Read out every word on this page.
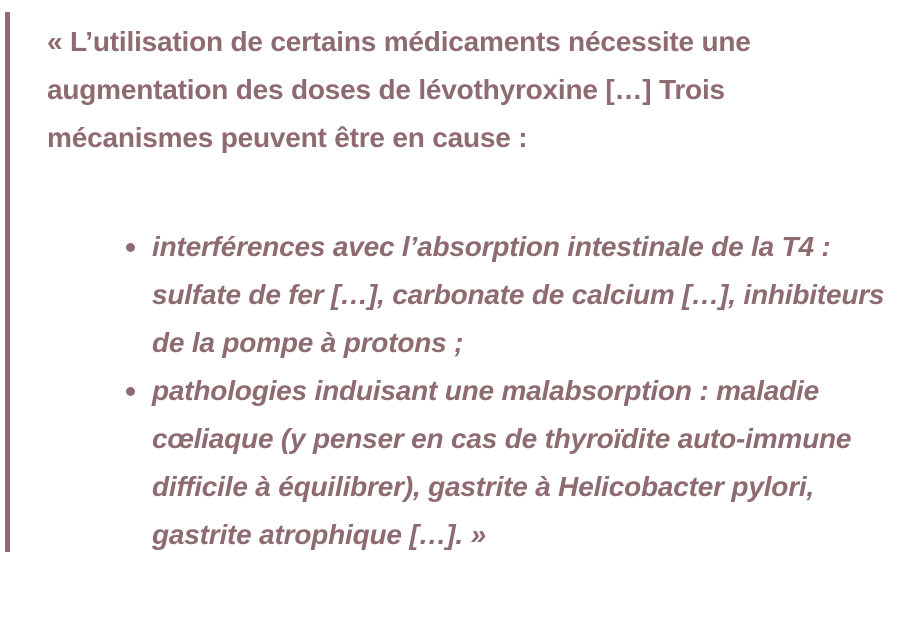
« L’utilisation de certains médicaments nécessite une augmentation des doses de lévothyroxine […] Trois mécanismes peuvent être en cause :

interférences avec l’absorption intestinale de la T4 : sulfate de fer […], carbonate de calcium […], inhibiteurs de la pompe à protons ;
pathologies induisant une malabsorption : maladie cœliaque (y penser en cas de thyroïdite auto-immune difficile à équilibrer), gastrite à Helicobacter pylori, gastrite atrophique […]. »
